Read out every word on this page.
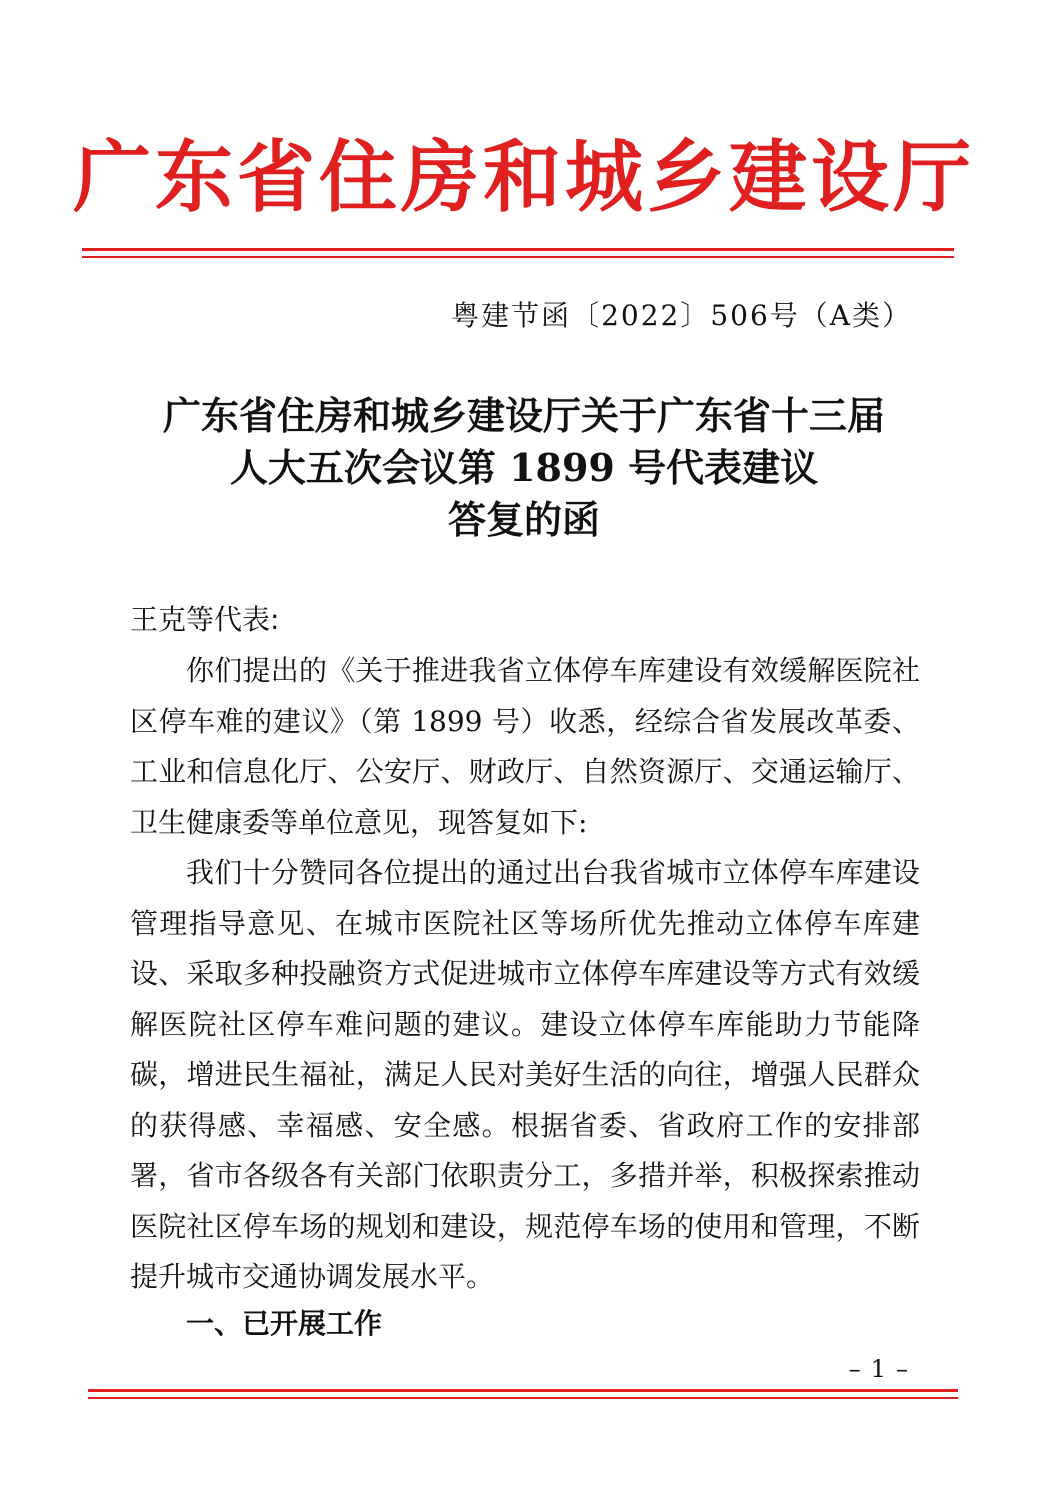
广东省住房和城乡建设厅
粤建节函〔2022〕506号（A类）
广东省住房和城乡建设厅关于广东省十三届
人大五次会议第 1899 号代表建议
答复的函
王克等代表:

你们提出的《关于推进我省立体停车库建设有效缓解医院社区停车难的建议》（第 1899 号）收悉，经综合省发展改革委、工业和信息化厅、公安厅、财政厅、自然资源厅、交通运输厅、卫生健康委等单位意见，现答复如下:

我们十分赞同各位提出的通过出台我省城市立体停车库建设管理指导意见、在城市医院社区等场所优先推动立体停车库建设、采取多种投融资方式促进城市立体停车库建设等方式有效缓解医院社区停车难问题的建议。建设立体停车库能助力节能降碳，增进民生福祉，满足人民对美好生活的向往，增强人民群众的获得感、幸福感、安全感。根据省委、省政府工作的安排部署，省市各级各有关部门依职责分工，多措并举，积极探索推动医院社区停车场的规划和建设，规范停车场的使用和管理，不断提升城市交通协调发展水平。

一、已开展工作
– 1 –
